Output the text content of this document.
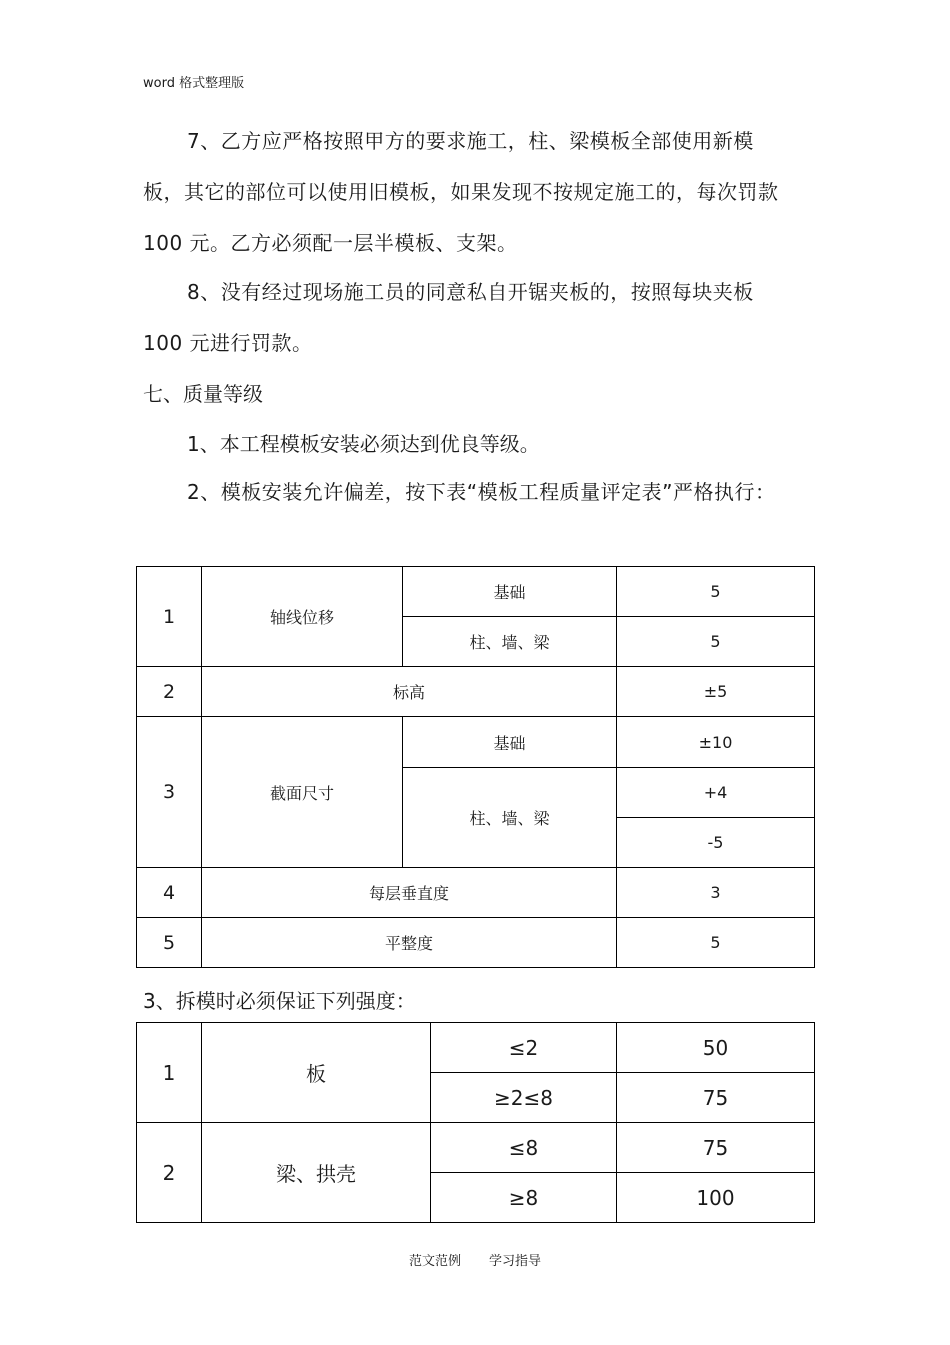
word 格式整理版
7、乙方应严格按照甲方的要求施工，柱、梁模板全部使用新模板，其它的部位可以使用旧模板，如果发现不按规定施工的，每次罚款 100 元。乙方必须配一层半模板、支架。
8、没有经过现场施工员的同意私自开锯夹板的，按照每块夹板100 元进行罚款。
七、质量等级
1、本工程模板安装必须达到优良等级。
2、模板安装允许偏差，按下表“模板工程质量评定表”严格执行：
1	轴线位移	基础	5
		柱、墙、梁	5
2	标高		±5
3	截面尺寸	基础	±10
		柱、墙、梁	+4
			-5
4	每层垂直度		3
5	平整度		5
3、拆模时必须保证下列强度：
1	板	≤2	50
		≥2≤8	75
2	梁、拱壳	≤8	75
		≥8	100
范文范例 学习指导
